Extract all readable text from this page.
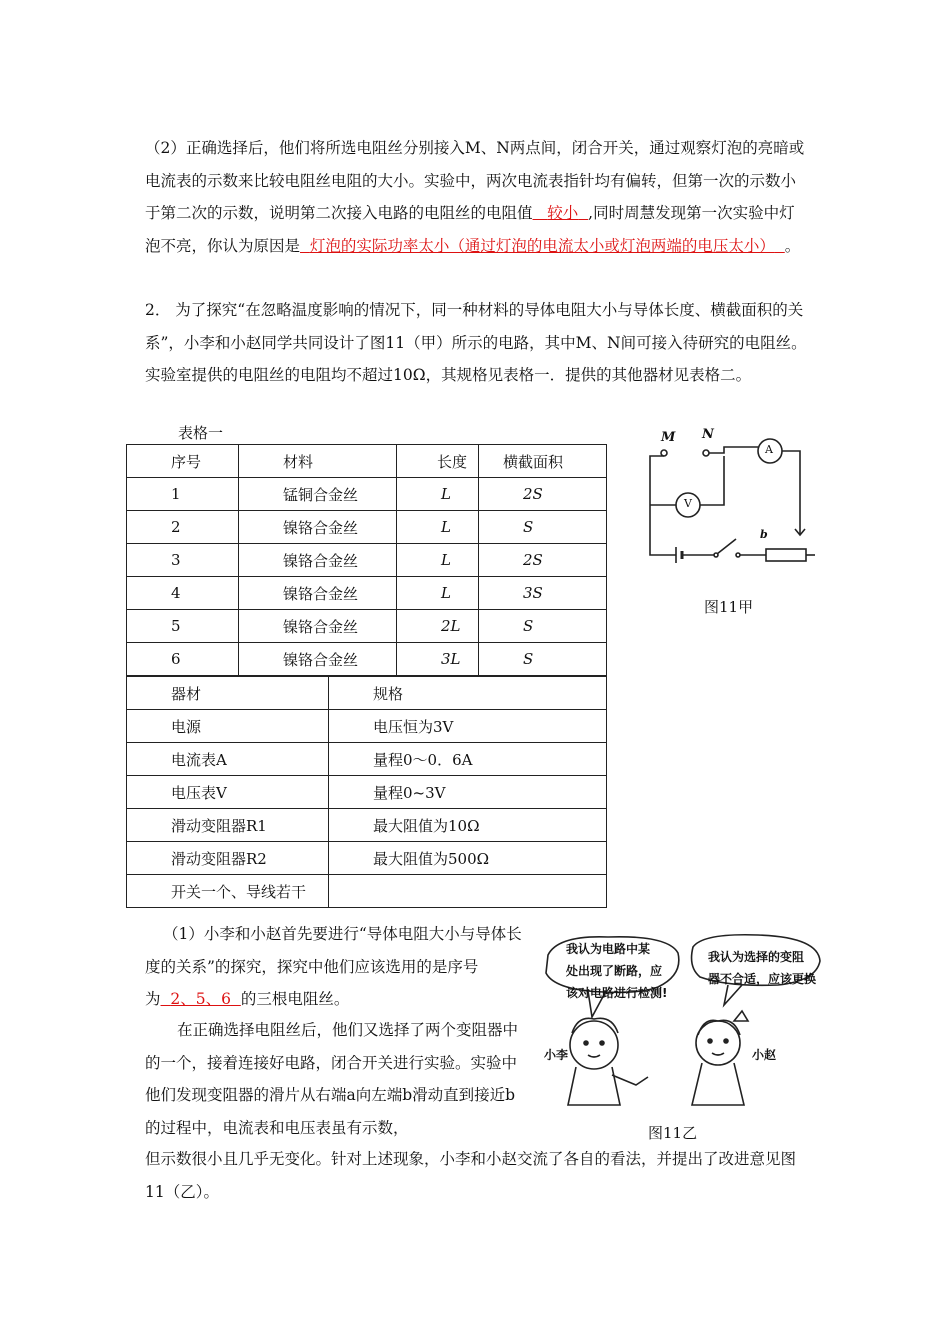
（2）正确选择后，他们将所选电阻丝分别接入M、N两点间，闭合开关，通过观察灯泡的亮暗或电流表的示数来比较电阻丝电阻的大小。实验中，两次电流表指针均有偏转，但第一次的示数小于第二次的示数，说明第二次接入电路的电阻丝的电阻值 较小 ,同时周慧发现第一次实验中灯泡不亮，你认为原因是 灯泡的实际功率太小（通过灯泡的电流太小或灯泡两端的电压太小） 。
2． 为了探究“在忽略温度影响的情况下，同一种材料的导体电阻大小与导体长度、横截面积的关系”，小李和小赵同学共同设计了图11（甲）所示的电路，其中M、N间可接入待研究的电阻丝。实验室提供的电阻丝的电阻均不超过10Ω，其规格见表格一．提供的其他器材见表格二。
表格一
序号	材料	长度	横截面积
1	锰铜合金丝	L	2S
2	镍铬合金丝	L	S
3	镍铬合金丝	L	2S
4	镍铬合金丝	L	3S
5	镍铬合金丝	2L	S
6	镍铬合金丝	3L	S
器材	规格
电源	电压恒为3V
电流表A	量程0～0．6A
电压表V	量程0~3V
滑动变阻器R1	最大阻值为10Ω
滑动变阻器R2	最大阻值为500Ω
开关一个、导线若干	
M N
A
V
b
图11甲
（1）小李和小赵首先要进行“导体电阻大小与导体长度的关系”的探究，探究中他们应该选用的是序号为 2、5、6 的三根电阻丝。
在正确选择电阻丝后，他们又选择了两个变阻器中的一个，接着连接好电路，闭合开关进行实验。实验中他们发现变阻器的滑片从右端a向左端b滑动直到接近b的过程中，电流表和电压表虽有示数，
但示数很小且几乎无变化。针对上述现象，小李和小赵交流了各自的看法，并提出了改进意见图11（乙）。
我认为电路中某
处出现了断路，应
该对电路进行检测!
我认为选择的变阻
器不合适，应该更换
小李	小赵
图11乙
